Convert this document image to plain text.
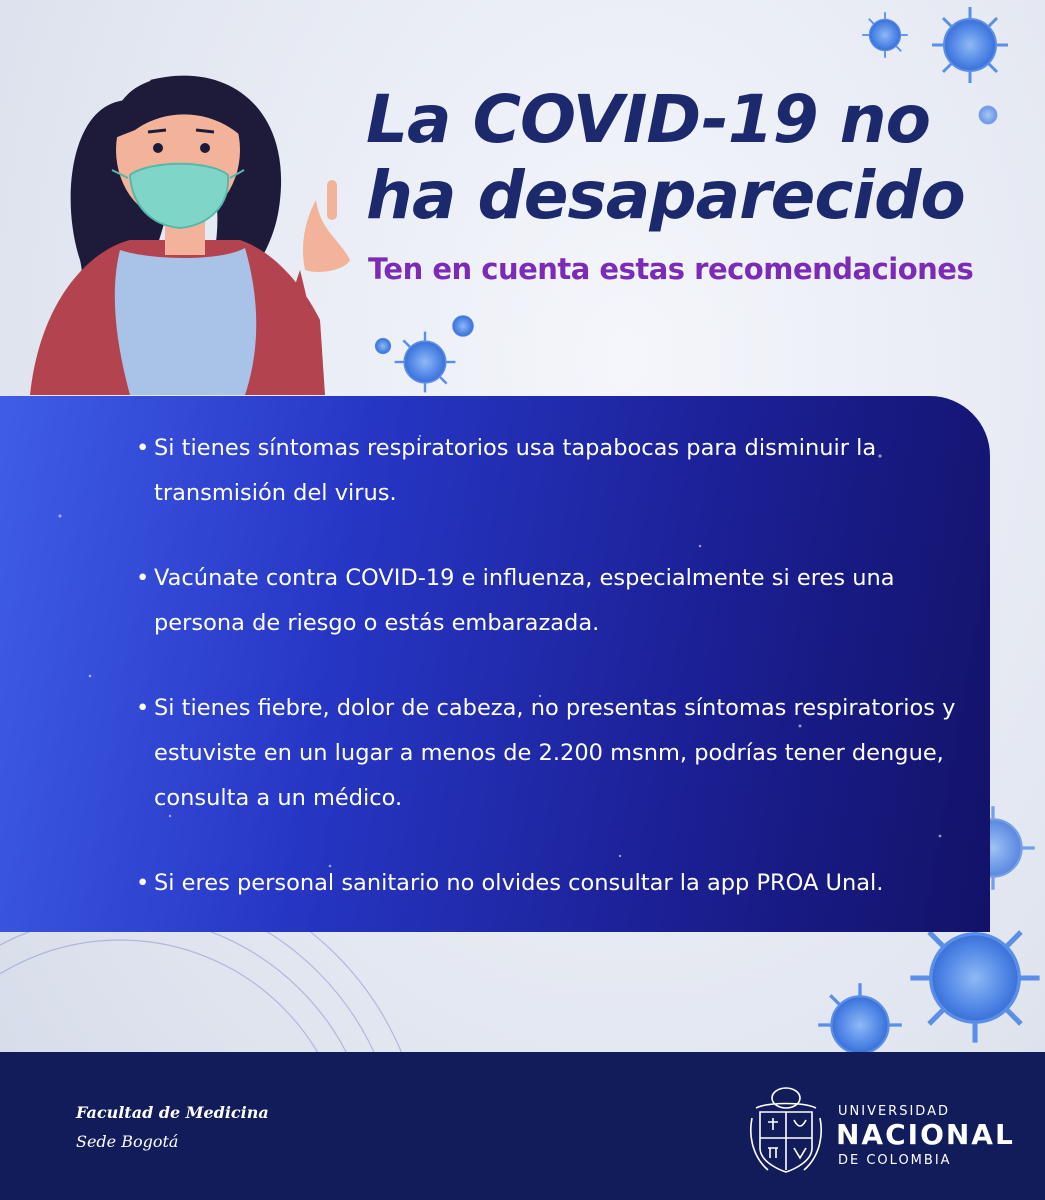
La COVID-19 no ha desaparecido
Ten en cuenta estas recomendaciones
• Si tienes síntomas respiratorios usa tapabocas para disminuir la transmisión del virus.
• Vacúnate contra COVID-19 e influenza, especialmente si eres una persona de riesgo o estás embarazada.
• Si tienes fiebre, dolor de cabeza, no presentas síntomas respiratorios y estuviste en un lugar a menos de 2.200 msnm, podrías tener dengue, consulta a un médico.
• Si eres personal sanitario no olvides consultar la app PROA Unal.

Facultad de Medicina

Sede Bogotá

UNIVERSIDAD

NACIONAL

DE COLOMBIA
